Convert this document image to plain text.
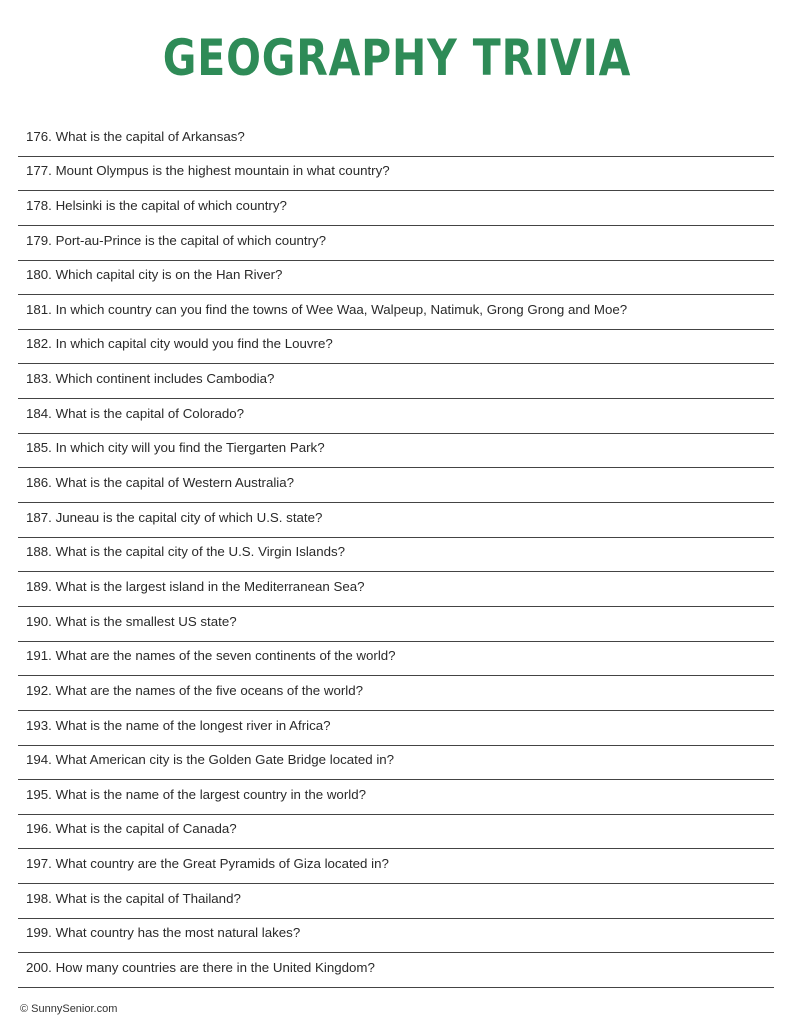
GEOGRAPHY TRIVIA
176. What is the capital of Arkansas?
177. Mount Olympus is the highest mountain in what country?
178. Helsinki is the capital of which country?
179. Port-au-Prince is the capital of which country?
180. Which capital city is on the Han River?
181. In which country can you find the towns of Wee Waa, Walpeup, Natimuk, Grong Grong and Moe?
182. In which capital city would you find the Louvre?
183. Which continent includes Cambodia?
184. What is the capital of Colorado?
185. In which city will you find the Tiergarten Park?
186. What is the capital of Western Australia?
187. Juneau is the capital city of which U.S. state?
188. What is the capital city of the U.S. Virgin Islands?
189. What is the largest island in the Mediterranean Sea?
190. What is the smallest US state?
191. What are the names of the seven continents of the world?
192. What are the names of the five oceans of the world?
193. What is the name of the longest river in Africa?
194. What American city is the Golden Gate Bridge located in?
195. What is the name of the largest country in the world?
196. What is the capital of Canada?
197. What country are the Great Pyramids of Giza located in?
198. What is the capital of Thailand?
199. What country has the most natural lakes?
200. How many countries are there in the United Kingdom?
© SunnySenior.com
